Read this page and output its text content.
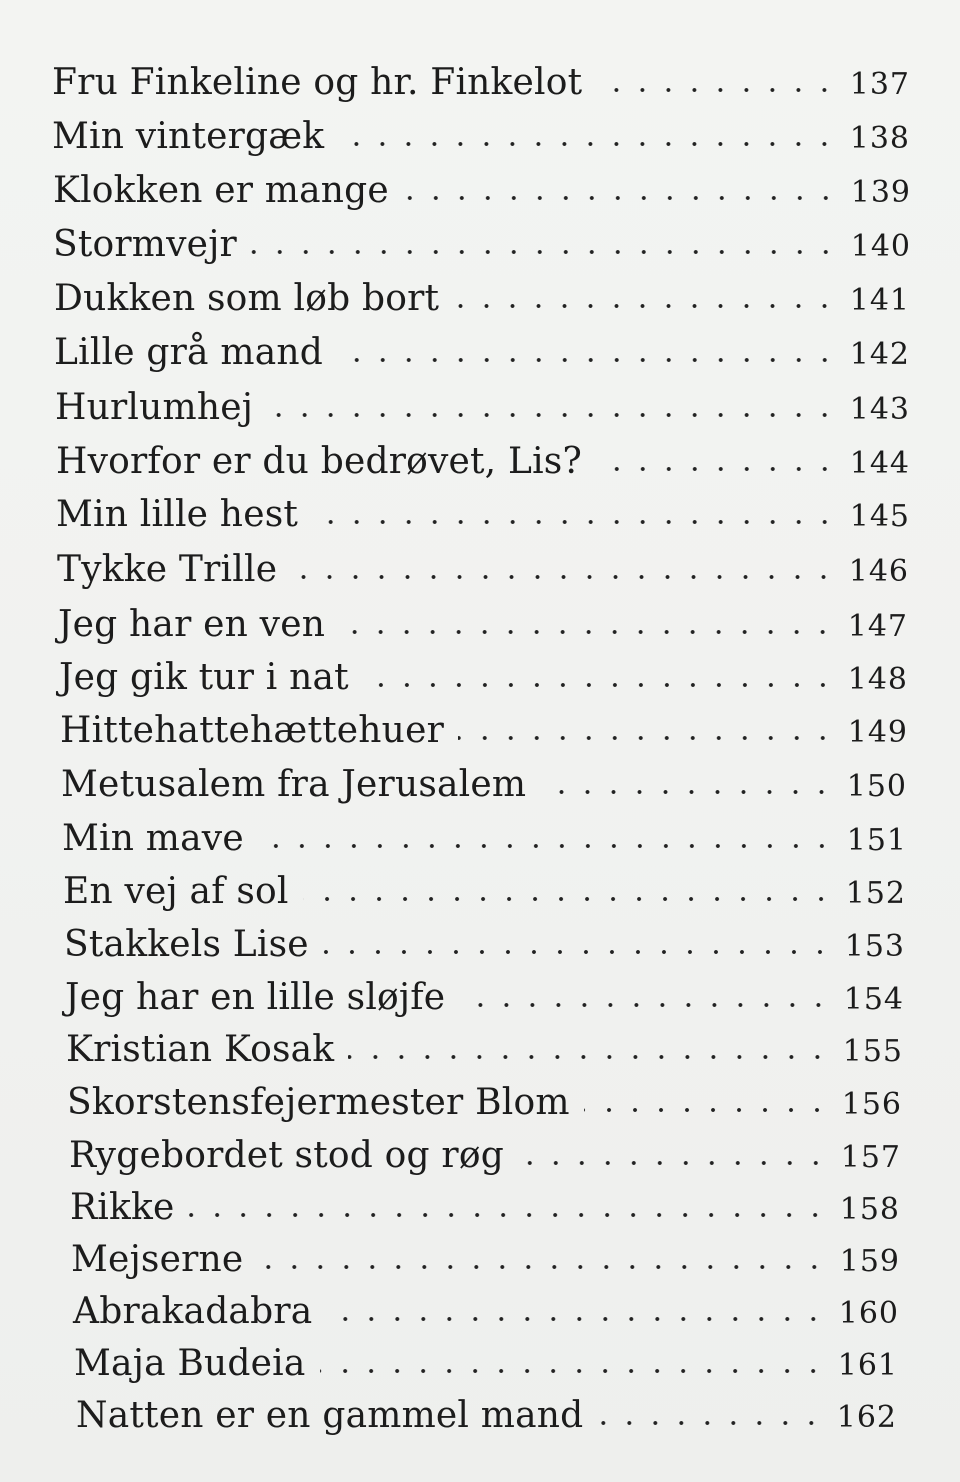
Fru Finkeline og hr. Finkelot	137
Min vintergæk	138
Klokken er mange	139
Stormvejr	140
Dukken som løb bort	141
Lille grå mand	142
Hurlumhej	143
Hvorfor er du bedrøvet, Lis?	144
Min lille hest	145
Tykke Trille	146
Jeg har en ven	147
Jeg gik tur i nat	148
Hittehattehættehuer	149
Metusalem fra Jerusalem	150
Min mave	151
En vej af sol	152
Stakkels Lise	153
Jeg har en lille sløjfe	154
Kristian Kosak	155
Skorstensfejermester Blom	156
Rygebordet stod og røg	157
Rikke	158
Mejserne	159
Abrakadabra	160
Maja Budeia	161
Natten er en gammel mand	162
